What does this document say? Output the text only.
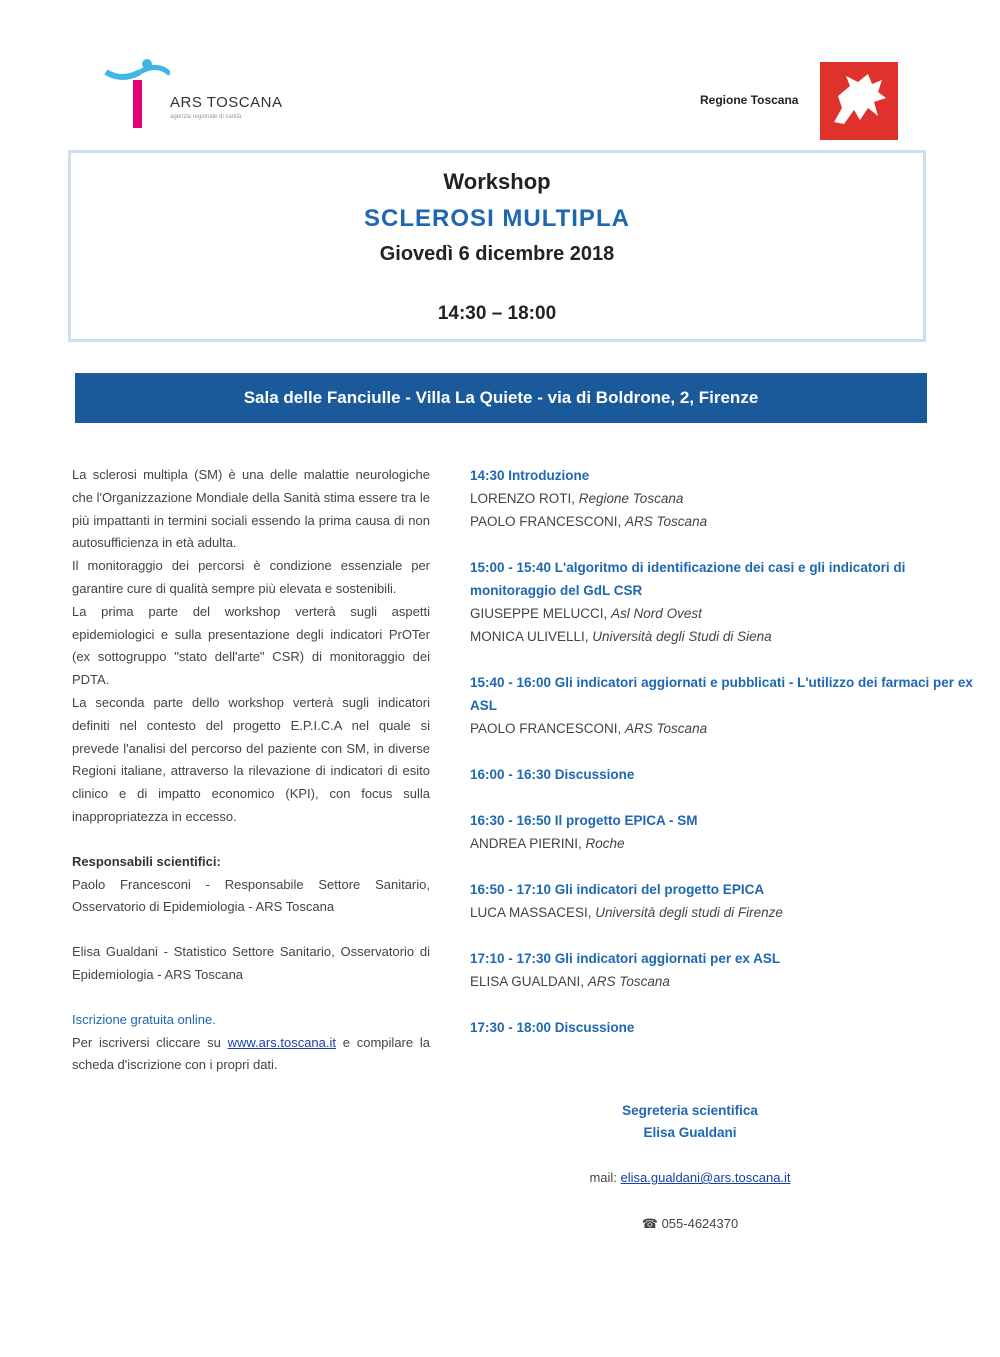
ARS TOSCANA
agenzia regionale di sanità
Regione Toscana
Workshop
SCLEROSI MULTIPLA
Giovedì 6 dicembre 2018
14:30 – 18:00
Sala delle Fanciulle - Villa La Quiete - via di Boldrone, 2, Firenze

La sclerosi multipla (SM) è una delle malattie neurologiche che l'Organizzazione Mondiale della Sanità stima essere tra le più impattanti in termini sociali essendo la prima causa di non autosufficienza in età adulta.

Il monitoraggio dei percorsi è condizione essenziale per garantire cure di qualità sempre più elevata e sostenibili.

La prima parte del workshop verterà sugli aspetti epidemiologici e sulla presentazione degli indicatori PrOTer (ex sottogruppo "stato dell'arte" CSR) di monitoraggio dei PDTA.

La seconda parte dello workshop verterà sugli indicatori definiti nel contesto del progetto E.P.I.C.A nel quale si prevede l'analisi del percorso del paziente con SM, in diverse Regioni italiane, attraverso la rilevazione di indicatori di esito clinico e di impatto economico (KPI), con focus sulla inappropriatezza in eccesso.

Responsabili scientifici:

Paolo Francesconi - Responsabile Settore Sanitario, Osservatorio di Epidemiologia - ARS Toscana

Elisa Gualdani - Statistico Settore Sanitario, Osservatorio di Epidemiologia - ARS Toscana

Iscrizione gratuita online.

Per iscriversi cliccare su www.ars.toscana.it e compilare la scheda d'iscrizione con i propri dati.

14:30 Introduzione
LORENZO ROTI, Regione Toscana
PAOLO FRANCESCONI, ARS Toscana
15:00 - 15:40 L'algoritmo di identificazione dei casi e gli indicatori di monitoraggio del GdL CSR
GIUSEPPE MELUCCI, Asl Nord Ovest
MONICA ULIVELLI, Università degli Studi di Siena
15:40 - 16:00 Gli indicatori aggiornati e pubblicati - L'utilizzo dei farmaci per ex ASL
PAOLO FRANCESCONI, ARS Toscana
16:00 - 16:30 Discussione
16:30 - 16:50 Il progetto EPICA - SM
ANDREA PIERINI, Roche
16:50 - 17:10 Gli indicatori del progetto EPICA
LUCA MASSACESI, Università degli studi di Firenze
17:10 - 17:30 Gli indicatori aggiornati per ex ASL
ELISA GUALDANI, ARS Toscana
17:30 - 18:00 Discussione
Segreteria scientifica
Elisa Gualdani
mail: elisa.gualdani@ars.toscana.it
☎ 055-4624370
